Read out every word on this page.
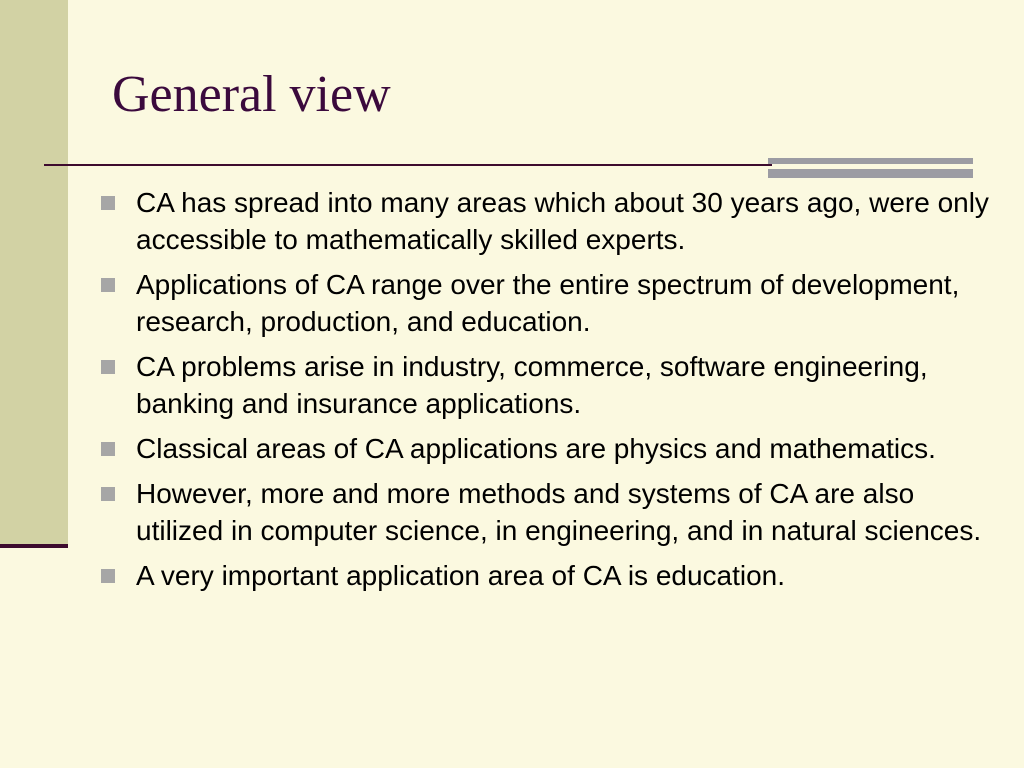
General view
CA has spread into many areas which about 30 years ago, were only accessible to mathematically skilled experts.
Applications of CA range over the entire spectrum of development, research, production, and education.
CA problems arise in industry, commerce, software engineering, banking and insurance applications.
Classical areas of CA applications are physics and mathematics.
However, more and more methods and systems of CA are also utilized in computer science, in engineering, and in natural sciences.
A very important application area of CA is education.
